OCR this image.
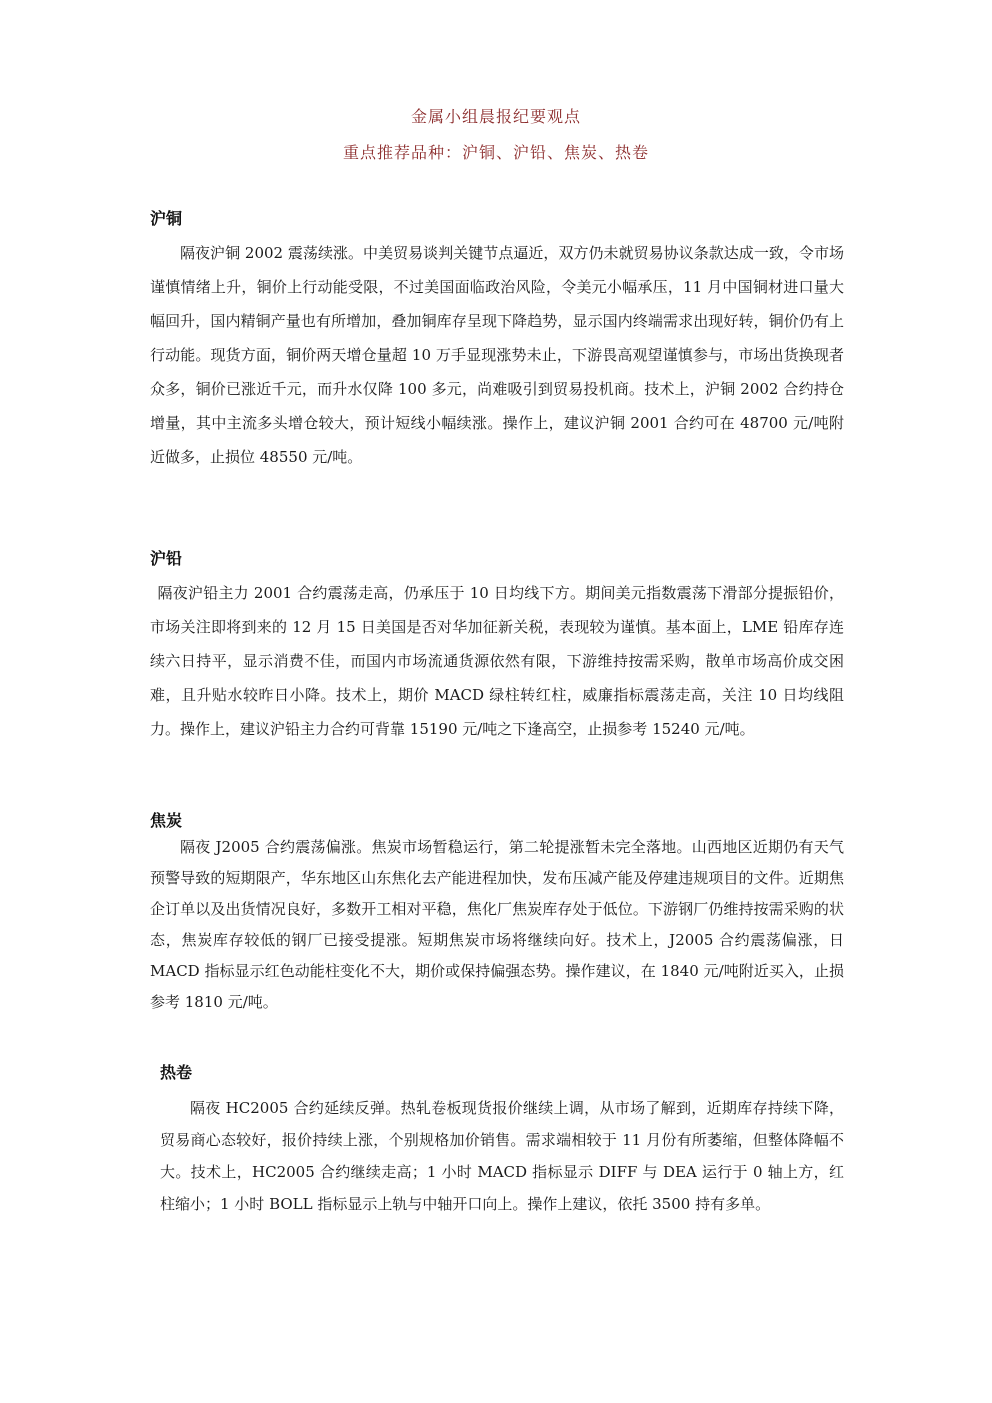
金属小组晨报纪要观点
重点推荐品种：沪铜、沪铅、焦炭、热卷
沪铜

隔夜沪铜 2002 震荡续涨。中美贸易谈判关键节点逼近，双方仍未就贸易协议条款达成一致，令市场谨慎情绪上升，铜价上行动能受限，不过美国面临政治风险，令美元小幅承压，11 月中国铜材进口量大幅回升，国内精铜产量也有所增加，叠加铜库存呈现下降趋势，显示国内终端需求出现好转，铜价仍有上行动能。现货方面，铜价两天增仓量超 10 万手显现涨势未止，下游畏高观望谨慎参与，市场出货换现者众多，铜价已涨近千元，而升水仅降 100 多元，尚难吸引到贸易投机商。技术上，沪铜 2002 合约持仓增量，其中主流多头增仓较大，预计短线小幅续涨。操作上，建议沪铜 2001 合约可在 48700 元/吨附近做多，止损位 48550 元/吨。

沪铅

隔夜沪铅主力 2001 合约震荡走高，仍承压于 10 日均线下方。期间美元指数震荡下滑部分提振铅价，市场关注即将到来的 12 月 15 日美国是否对华加征新关税，表现较为谨慎。基本面上，LME 铅库存连续六日持平，显示消费不佳，而国内市场流通货源依然有限，下游维持按需采购，散单市场高价成交困难，且升贴水较昨日小降。技术上，期价 MACD 绿柱转红柱，威廉指标震荡走高，关注 10 日均线阻力。操作上，建议沪铅主力合约可背靠 15190 元/吨之下逢高空，止损参考 15240 元/吨。

焦炭

隔夜 J2005 合约震荡偏涨。焦炭市场暂稳运行，第二轮提涨暂未完全落地。山西地区近期仍有天气预警导致的短期限产，华东地区山东焦化去产能进程加快，发布压减产能及停建违规项目的文件。近期焦企订单以及出货情况良好，多数开工相对平稳，焦化厂焦炭库存处于低位。下游钢厂仍维持按需采购的状态，焦炭库存较低的钢厂已接受提涨。短期焦炭市场将继续向好。技术上，J2005 合约震荡偏涨，日 MACD 指标显示红色动能柱变化不大，期价或保持偏强态势。操作建议，在 1840 元/吨附近买入，止损参考 1810 元/吨。

热卷

隔夜 HC2005 合约延续反弹。热轧卷板现货报价继续上调，从市场了解到，近期库存持续下降，贸易商心态较好，报价持续上涨，个别规格加价销售。需求端相较于 11 月份有所萎缩，但整体降幅不大。技术上，HC2005 合约继续走高；1 小时 MACD 指标显示 DIFF 与 DEA 运行于 0 轴上方，红柱缩小；1 小时 BOLL 指标显示上轨与中轴开口向上。操作上建议，依托 3500 持有多单。
